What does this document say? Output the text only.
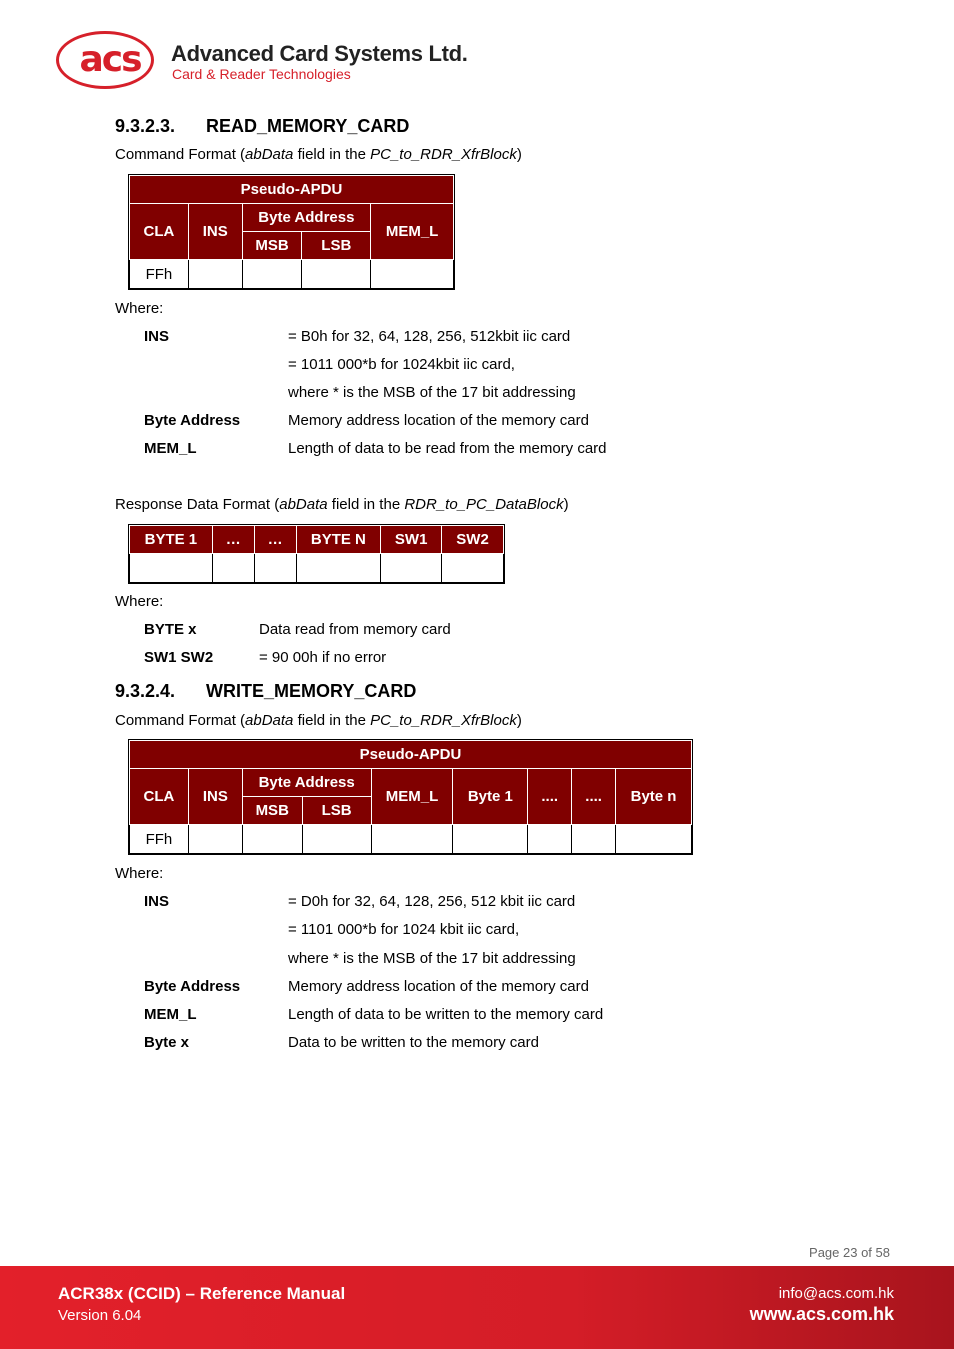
acs	Advanced Card Systems Ltd.
Card & Reader Technologies
9.3.2.3. READ_MEMORY_CARD
Command Format (abData field in the PC_to_RDR_XfrBlock)
Pseudo-APDU				
CLA	INS	Byte Address		MEM_L
		MSB	LSB	
FFh				
Where:
INS	= B0h for 32, 64, 128, 256, 512kbit iic card
= 1011 000*b for 1024kbit iic card,
where * is the MSB of the 17 bit addressing
Byte Address	Memory address location of the memory card
MEM_L	Length of data to be read from the memory card
Response Data Format (abData field in the RDR_to_PC_DataBlock)
BYTE 1	…	…	BYTE N	SW1	SW2

Where:
BYTE x	Data read from memory card
SW1 SW2	= 90 00h if no error
9.3.2.4. WRITE_MEMORY_CARD
Command Format (abData field in the PC_to_RDR_XfrBlock)
Pseudo-APDU								
CLA	INS	Byte Address		MEM_L	Byte 1	....	....	Byte n
		MSB	LSB					
FFh								
Where:
INS	= D0h for 32, 64, 128, 256, 512 kbit iic card
= 1101 000*b for 1024 kbit iic card,
where * is the MSB of the 17 bit addressing
Byte Address	Memory address location of the memory card
MEM_L	Length of data to be written to the memory card
Byte x	Data to be written to the memory card
Page 23 of 58
ACR38x (CCID) – Reference Manual
Version 6.04
info@acs.com.hk
www.acs.com.hk
